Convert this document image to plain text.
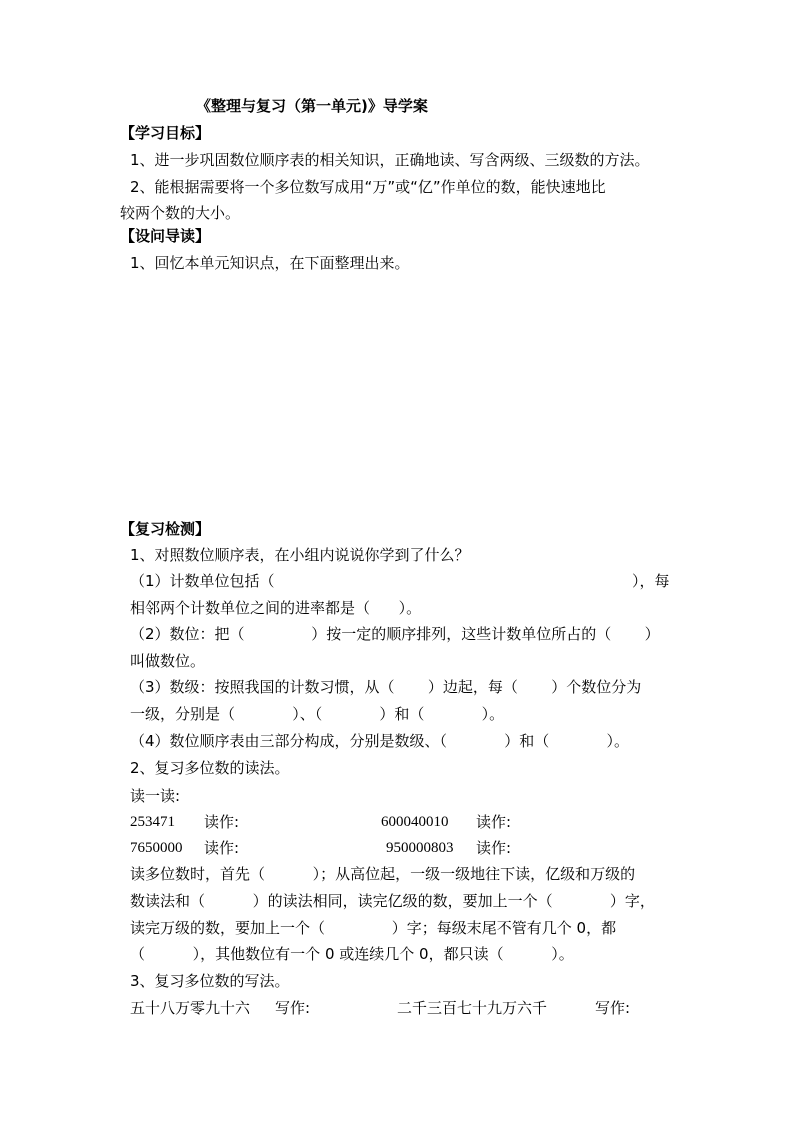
《整理与复习（第一单元)》导学案
【学习目标】
1、进一步巩固数位顺序表的相关知识，正确地读、写含两级、三级数的方法。
2、能根据需要将一个多位数写成用“万”或“亿”作单位的数，能快速地比
较两个数的大小。
【设问导读】
1、回忆本单元知识点，在下面整理出来。
【复习检测】
1、对照数位顺序表，在小组内说说你学到了什么？
（1）计数单位包括（	），每
相邻两个计数单位之间的进率都是（      ）。
（2）数位：把（              ）按一定的顺序排列，这些计数单位所占的（       ）
叫做数位。
（3）数级：按照我国的计数习惯，从（       ）边起，每（       ）个数位分为
一级，分别是（            ）、（            ）和（            ）。
（4）数位顺序表由三部分构成，分别是数级、（            ）和（            ）。
2、复习多位数的读法。
读一读:
253471 读作:	600040010 读作:
7650000 读作:	950000803 读作:
读多位数时，首先（          ）；从高位起，一级一级地往下读，亿级和万级的
数读法和（          ）的读法相同，读完亿级的数，要加上一个（            ）字，
读完万级的数，要加上一个（              ）字；每级末尾不管有几个 0，都
（          ），其他数位有一个 0 或连续几个 0，都只读（          ）。
3、复习多位数的写法。
五十八万零九十六 写作:	二千三百七十九万六千	写作:
